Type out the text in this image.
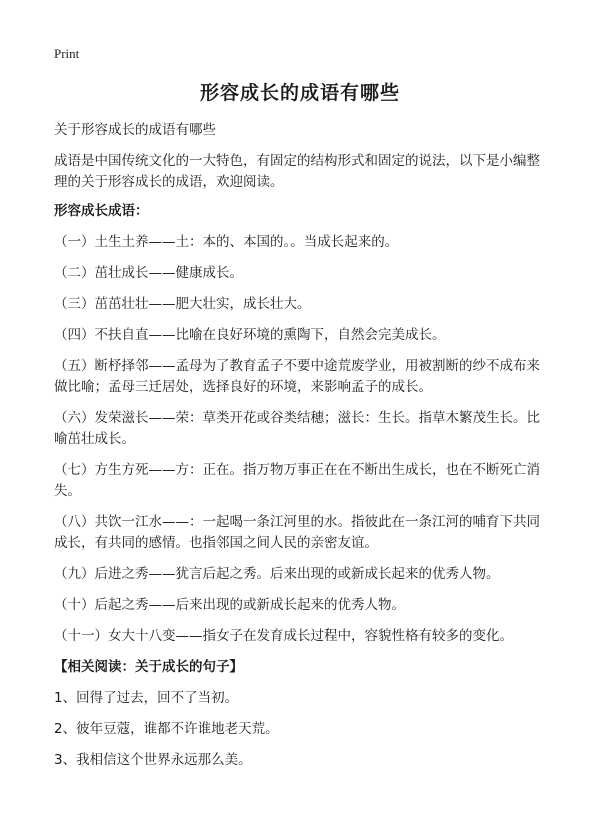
Print
形容成长的成语有哪些

关于形容成长的成语有哪些

成语是中国传统文化的一大特色，有固定的结构形式和固定的说法，以下是小编整理的关于形容成长的成语，欢迎阅读。

形容成长成语：

（一）土生土养——土：本的、本国的。。当成长起来的。

（二）茁壮成长——健康成长。

（三）茁茁壮壮——肥大壮实，成长壮大。

（四）不扶自直——比喻在良好环境的熏陶下，自然会完美成长。

（五）断杼择邻——孟母为了教育孟子不要中途荒废学业，用被割断的纱不成布来做比喻；孟母三迁居处，选择良好的环境，来影响孟子的成长。

（六）发荣滋长——荣：草类开花或谷类结穗；滋长：生长。指草木繁茂生长。比喻茁壮成长。

（七）方生方死——方：正在。指万物万事正在在不断出生成长，也在不断死亡消失。

（八）共饮一江水——：一起喝一条江河里的水。指彼此在一条江河的哺育下共同成长，有共同的感情。也指邻国之间人民的亲密友谊。

（九）后进之秀——犹言后起之秀。后来出现的或新成长起来的优秀人物。

（十）后起之秀——后来出现的或新成长起来的优秀人物。

（十一）女大十八变——指女子在发育成长过程中，容貌性格有较多的变化。

【相关阅读：关于成长的句子】

1、回得了过去，回不了当初。

2、彼年豆蔻，谁都不许谁地老天荒。

3、我相信这个世界永远那么美。
